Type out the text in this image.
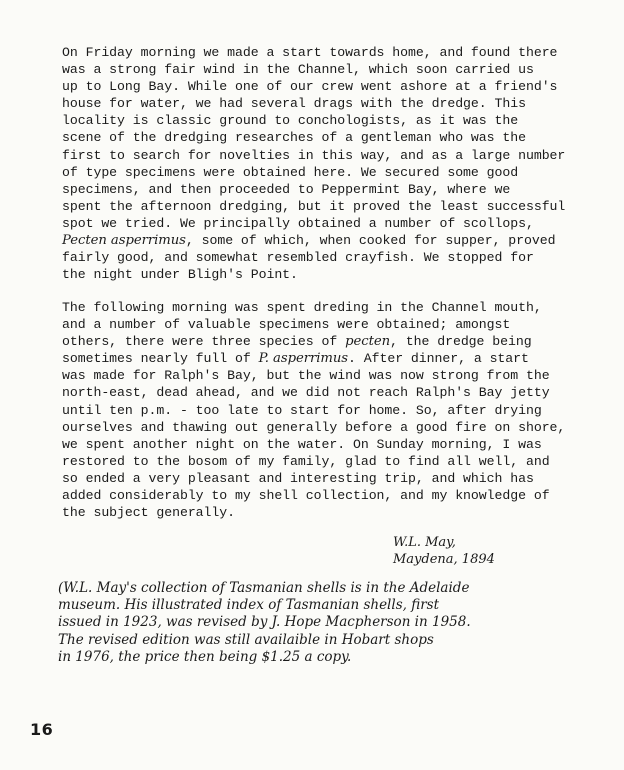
On Friday morning we made a start towards home, and found there
was a strong fair wind in the Channel, which soon carried us
up to Long Bay. While one of our crew went ashore at a friend's
house for water, we had several drags with the dredge. This
locality is classic ground to conchologists, as it was the
scene of the dredging researches of a gentleman who was the
first to search for novelties in this way, and as a large number
of type specimens were obtained here. We secured some good
specimens, and then proceeded to Peppermint Bay, where we
spent the afternoon dredging, but it proved the least successful
spot we tried. We principally obtained a number of scollops,
Pecten asperrimus, some of which, when cooked for supper, proved
fairly good, and somewhat resembled crayfish. We stopped for
the night under Bligh's Point.
The following morning was spent dreding in the Channel mouth,
and a number of valuable specimens were obtained; amongst
others, there were three species of pecten, the dredge being
sometimes nearly full of P. asperrimus. After dinner, a start
was made for Ralph's Bay, but the wind was now strong from the
north-east, dead ahead, and we did not reach Ralph's Bay jetty
until ten p.m. - too late to start for home. So, after drying
ourselves and thawing out generally before a good fire on shore,
we spent another night on the water. On Sunday morning, I was
restored to the bosom of my family, glad to find all well, and
so ended a very pleasant and interesting trip, and which has
added considerably to my shell collection, and my knowledge of
the subject generally.
W.L. May,
Maydena, 1894
(W.L. May's collection of Tasmanian shells is in the Adelaide
museum. His illustrated index of Tasmanian shells, first
issued in 1923, was revised by J. Hope Macpherson in 1958.
The revised edition was still availaible in Hobart shops
in 1976, the price then being $1.25 a copy.
16
